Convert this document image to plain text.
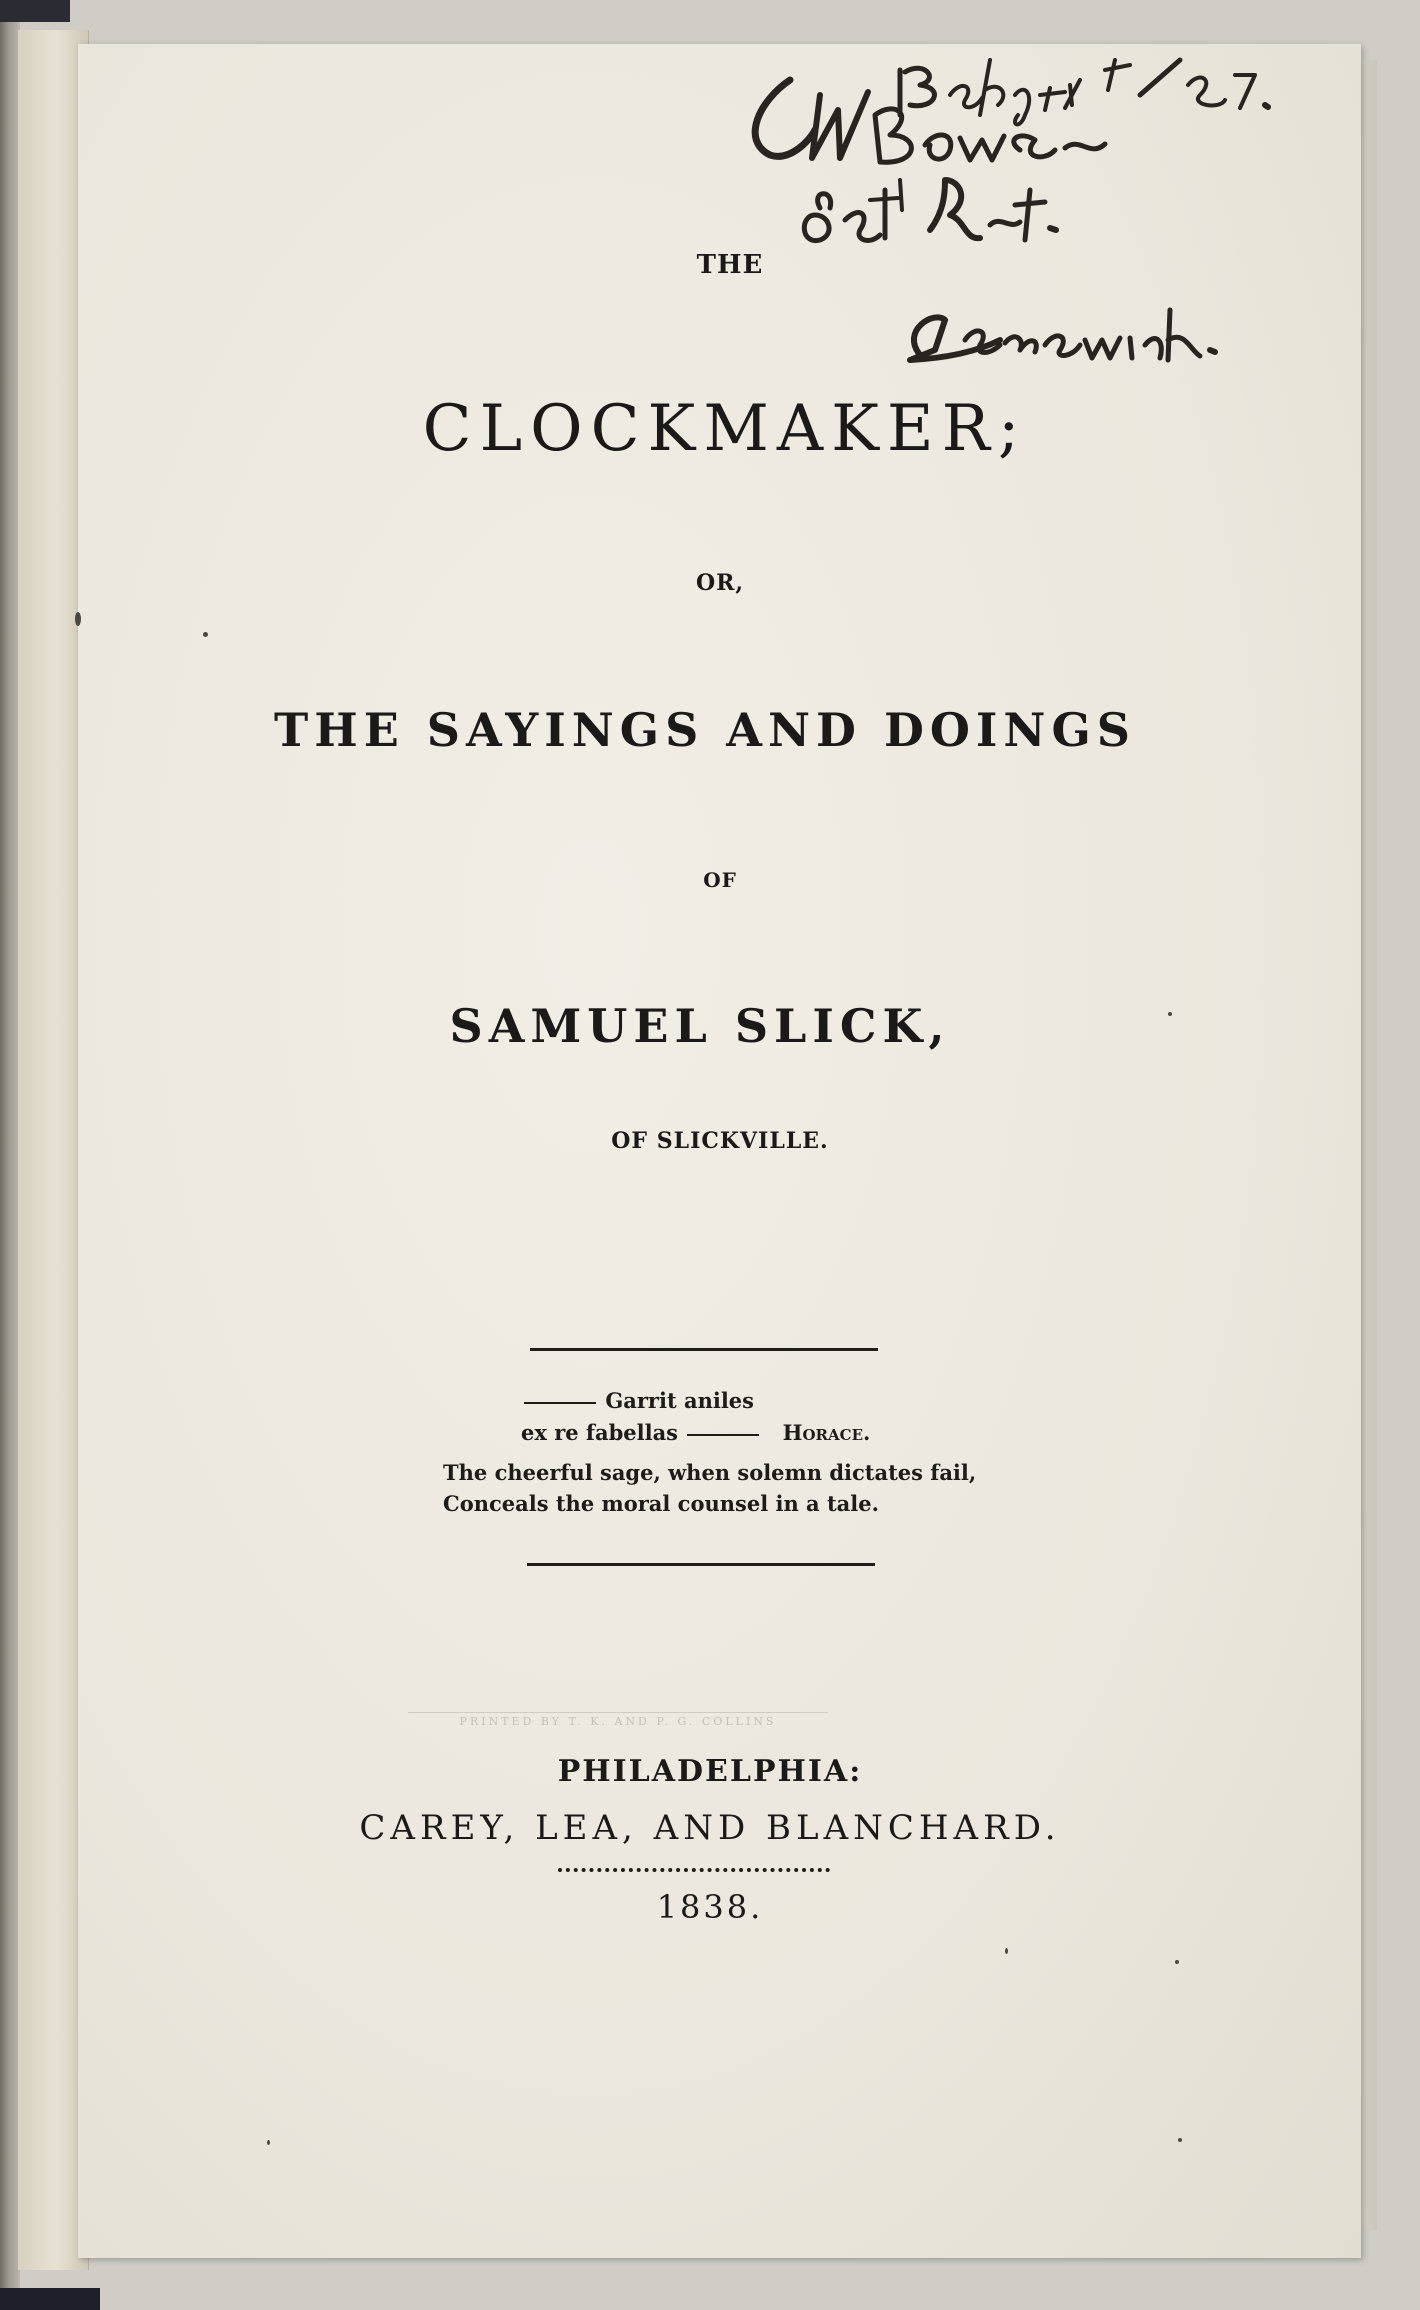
THE
CLOCKMAKER;
OR,
THE SAYINGS AND DOINGS
OF
SAMUEL SLICK,
OF SLICKVILLE.
Garrit aniles
ex re fabellas	Horace.
The cheerful sage, when solemn dictates fail,
Conceals the moral counsel in a tale.
PRINTED BY T. K. AND P. G. COLLINS
PHILADELPHIA:
CAREY, LEA, AND BLANCHARD.
1838.
